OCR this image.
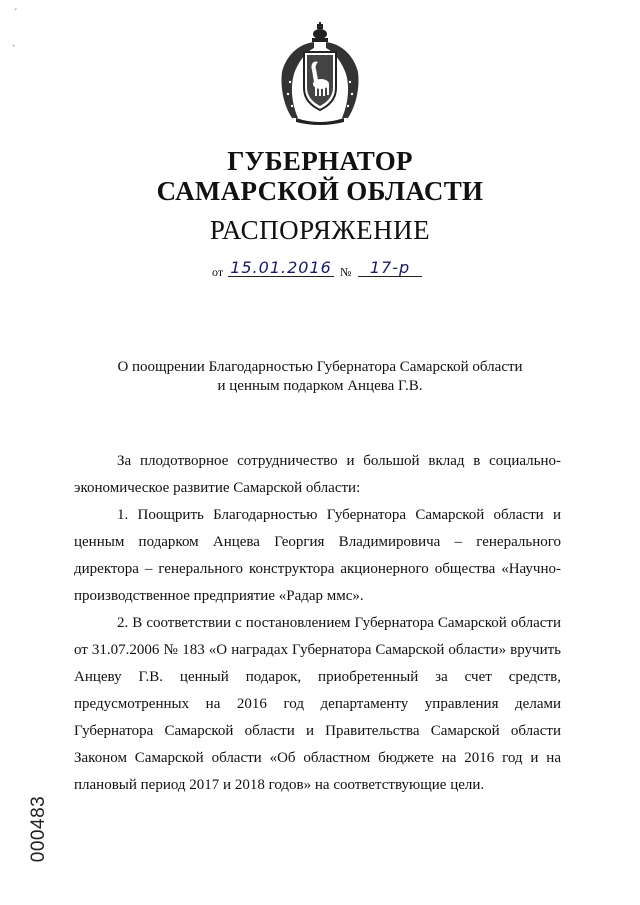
ˊ
ˎ
ГУБЕРНАТОР
САМАРСКОЙ ОБЛАСТИ
РАСПОРЯЖЕНИЕ
от 15.01.2016 №	17-р
О поощрении Благодарностью Губернатора Самарской области
и ценным подарком Анцева Г.В.

За плодотворное сотрудничество и большой вклад в социально-экономическое развитие Самарской области:

1. Поощрить Благодарностью Губернатора Самарской области и ценным подарком Анцева Георгия Владимировича – генерального директора – генерального конструктора акционерного общества «Научно-производственное предприятие «Радар ммс».

2. В соответствии с постановлением Губернатора Самарской области от 31.07.2006 № 183 «О наградах Губернатора Самарской области» вручить Анцеву Г.В. ценный подарок, приобретенный за счет средств, предусмотренных на 2016 год департаменту управления делами Губернатора Самарской области и Правительства Самарской области Законом Самарской области «Об областном бюджете на 2016 год и на плановый период 2017 и 2018 годов» на соответствующие цели.

000483
